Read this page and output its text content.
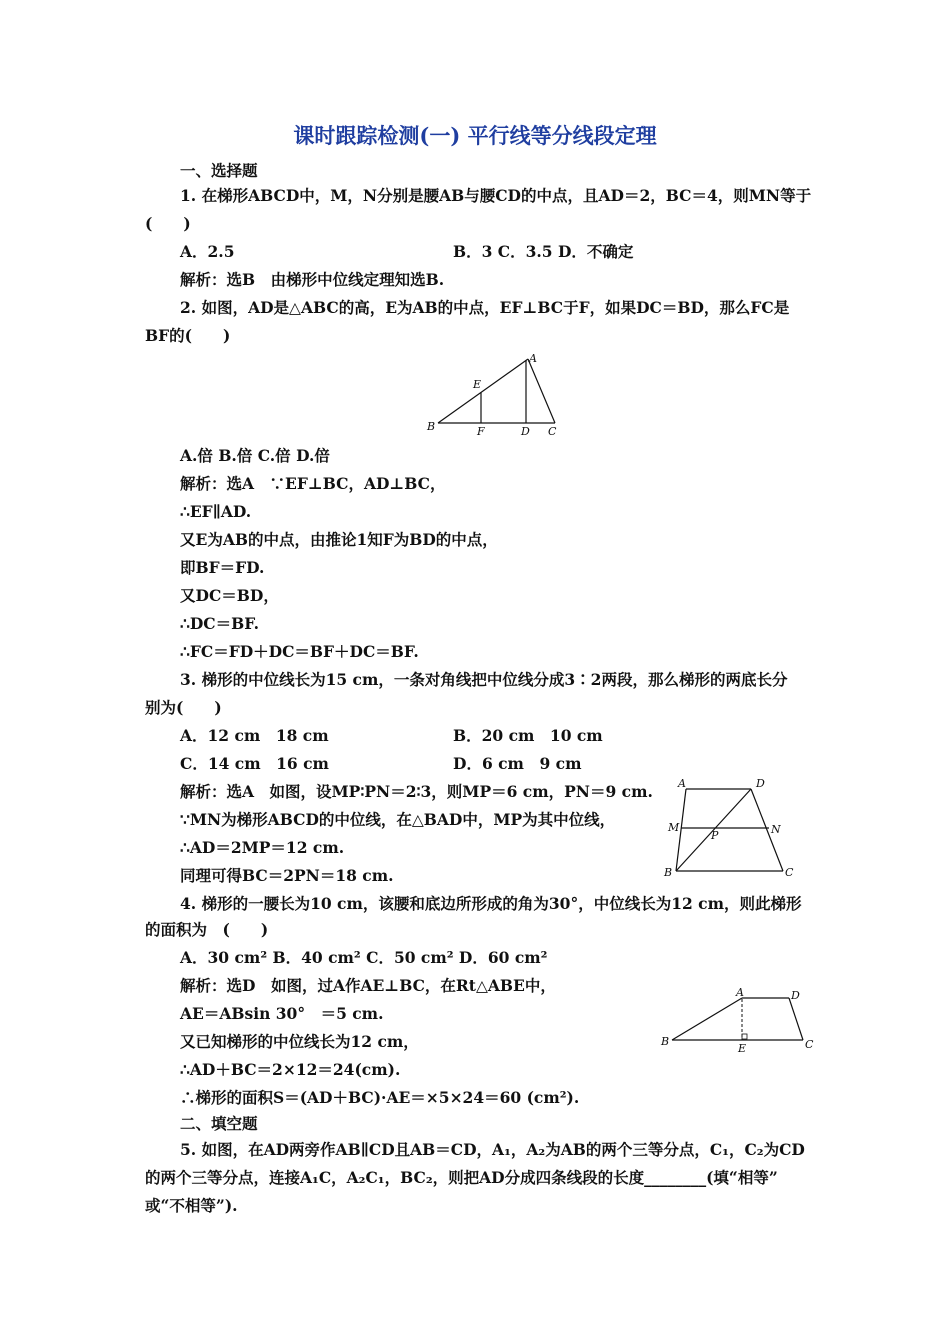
课时跟踪检测(一) 平行线等分线段定理
一、选择题
1. 在梯形ABCD中，M，N分别是腰AB与腰CD的中点，且AD＝2，BC＝4，则MN等于
(　　)
A．2.5	B．3 C．3.5 D．不确定
解析：选B　由梯形中位线定理知选B.
2. 如图，AD是△ABC的高，E为AB的中点，EF⊥BC于F，如果DC＝BD，那么FC是
BF的(　　)
A
B	C
D
E
F
A.倍 B.倍 C.倍 D.倍
解析：选A　∵EF⊥BC，AD⊥BC，
∴EF∥AD.
又E为AB的中点，由推论1知F为BD的中点，
即BF＝FD.
又DC＝BD，
∴DC＝BF.
∴FC＝FD＋DC＝BF＋DC＝BF.
3. 梯形的中位线长为15 cm，一条对角线把中位线分成3∶2两段，那么梯形的两底长分
别为(　　)
A．12 cm　18 cm	B．20 cm　10 cm
C．14 cm　16 cm	D．6 cm　9 cm
解析：选A　如图，设MP∶PN＝2∶3，则MP＝6 cm，PN＝9 cm.
∵MN为梯形ABCD的中位线，在△BAD中，MP为其中位线，
∴AD＝2MP＝12 cm.
同理可得BC＝2PN＝18 cm.
A	D
M	N
P
B	C
4. 梯形的一腰长为10 cm，该腰和底边所形成的角为30°，中位线长为12 cm，则此梯形
的面积为　(　　)
A．30 cm² B．40 cm² C．50 cm² D．60 cm²
解析：选D　如图，过A作AE⊥BC，在Rt△ABE中，
AE＝ABsin 30°　＝5 cm.
又已知梯形的中位线长为12 cm，
∴AD＋BC＝2×12＝24(cm).
∴梯形的面积S＝(AD＋BC)·AE＝×5×24＝60 (cm²).
A	D
B	C
E
二、填空题
5. 如图，在AD两旁作AB∥CD且AB＝CD，A₁，A₂为AB的两个三等分点，C₁，C₂为CD
的两个三等分点，连接A₁C，A₂C₁，BC₂，则把AD分成四条线段的长度________(填“相等”
或“不相等”).
